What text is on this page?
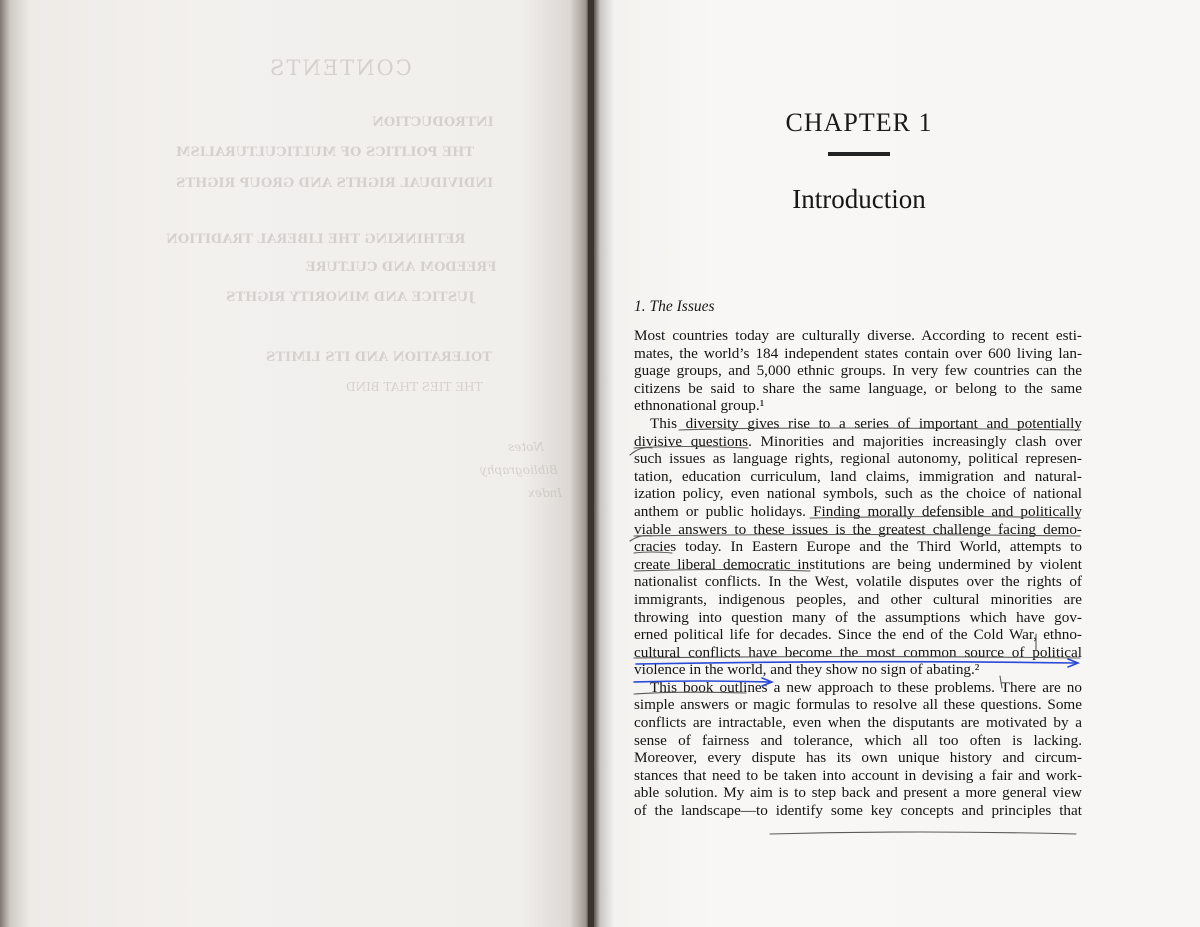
CONTENTS
INTRODUCTION
THE POLITICS OF MULTICULTURALISM
INDIVIDUAL RIGHTS AND GROUP RIGHTS
RETHINKING THE LIBERAL TRADITION
FREEDOM AND CULTURE
JUSTICE AND MINORITY RIGHTS
TOLERATION AND ITS LIMITS
THE TIES THAT BIND
Notes
Bibliography
Index
CHAPTER 1
Introduction
1. The Issues
Most countries today are culturally diverse. According to recent esti-
mates, the world’s 184 independent states contain over 600 living lan-
guage groups, and 5,000 ethnic groups. In very few countries can the
citizens be said to share the same language, or belong to the same
ethnonational group.¹
This diversity gives rise to a series of important and potentially
divisive questions. Minorities and majorities increasingly clash over
such issues as language rights, regional autonomy, political represen-
tation, education curriculum, land claims, immigration and natural-
ization policy, even national symbols, such as the choice of national
anthem or public holidays. Finding morally defensible and politically
viable answers to these issues is the greatest challenge facing demo-
cracies today. In Eastern Europe and the Third World, attempts to
create liberal democratic institutions are being undermined by violent
nationalist conflicts. In the West, volatile disputes over the rights of
immigrants, indigenous peoples, and other cultural minorities are
throwing into question many of the assumptions which have gov-
erned political life for decades. Since the end of the Cold War, ethno-
cultural conflicts have become the most common source of political
violence in the world, and they show no sign of abating.²
This book outlines a new approach to these problems. There are no
simple answers or magic formulas to resolve all these questions. Some
conflicts are intractable, even when the disputants are motivated by a
sense of fairness and tolerance, which all too often is lacking.
Moreover, every dispute has its own unique history and circum-
stances that need to be taken into account in devising a fair and work-
able solution. My aim is to step back and present a more general view
of the landscape—to identify some key concepts and principles that
